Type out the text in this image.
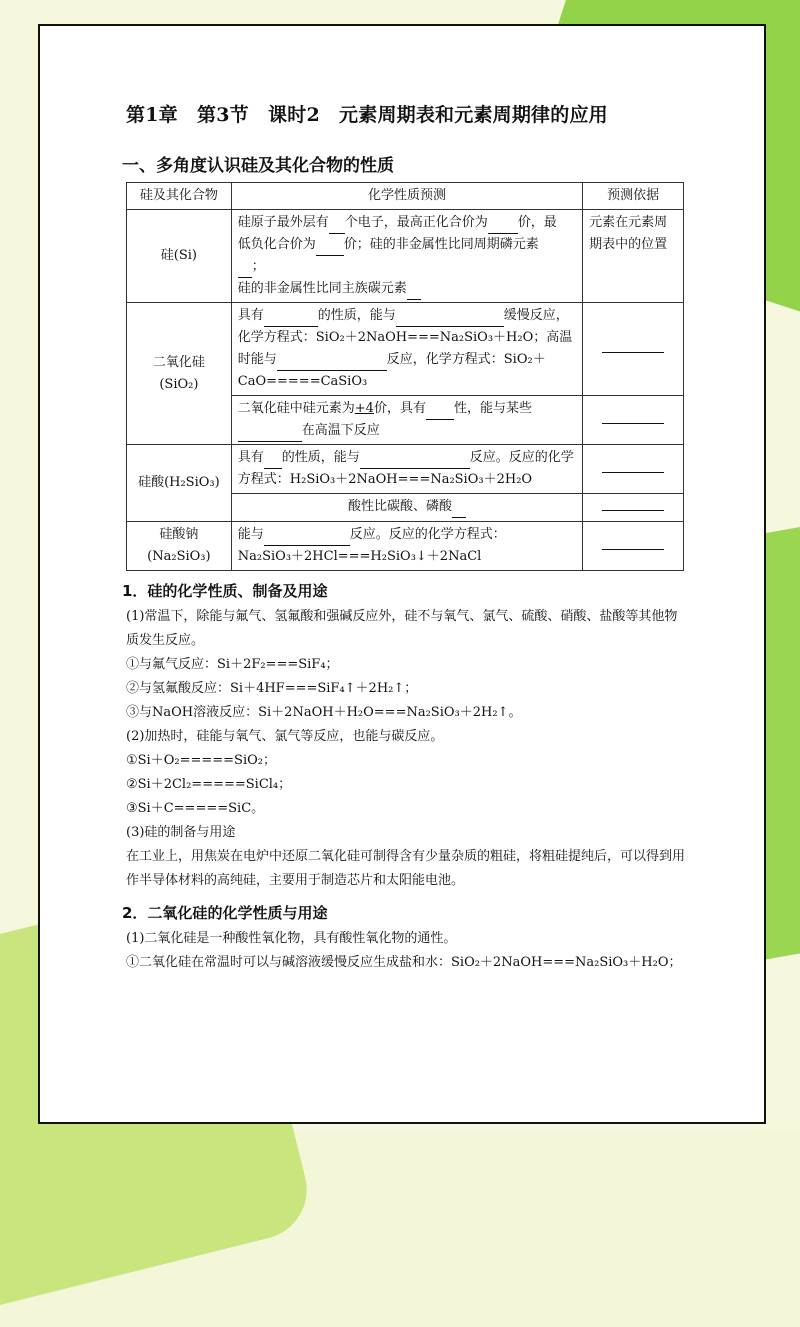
第1章　第3节　课时2　元素周期表和元素周期律的应用
一、多角度认识硅及其化合物的性质
硅及其化合物	化学性质预测	预测依据
硅(Si)	硅原子最外层有 个电子，最高正化合价为 价，最
低负化合价为 价；硅的非金属性比同周期磷元素
；
硅的非金属性比同主族碳元素	元素在元素周期表中的位置
二氧化硅
(SiO₂)	具有 的性质，能与 缓慢反应，化学方程式：SiO₂＋2NaOH===Na₂SiO₃＋H₂O；高温时能与 反应，化学方程式：SiO₂＋CaO=====CaSiO₃	
	二氧化硅中硅元素为+4价，具有 性，能与某些
在高温下反应	
硅酸(H₂SiO₃)	具有 的性质，能与 反应。反应的化学方程式：H₂SiO₃＋2NaOH===Na₂SiO₃＋2H₂O	
	酸性比碳酸、磷酸	
硅酸钠
(Na₂SiO₃)	能与 反应。反应的化学方程式：
Na₂SiO₃＋2HCl===H₂SiO₃↓＋2NaCl	
1．硅的化学性质、制备及用途

(1)常温下，除能与氟气、氢氟酸和强碱反应外，硅不与氧气、氯气、硫酸、硝酸、盐酸等其他物质发生反应。

①与氟气反应：Si＋2F₂===SiF₄；

②与氢氟酸反应：Si＋4HF===SiF₄↑＋2H₂↑；

③与NaOH溶液反应：Si＋2NaOH＋H₂O===Na₂SiO₃＋2H₂↑。

(2)加热时，硅能与氧气、氯气等反应，也能与碳反应。

①Si＋O₂=====SiO₂；

②Si＋2Cl₂=====SiCl₄；

③Si＋C=====SiC。

(3)硅的制备与用途

在工业上，用焦炭在电炉中还原二氧化硅可制得含有少量杂质的粗硅，将粗硅提纯后，可以得到用作半导体材料的高纯硅，主要用于制造芯片和太阳能电池。

2．二氧化硅的化学性质与用途

(1)二氧化硅是一种酸性氧化物，具有酸性氧化物的通性。

①二氧化硅在常温时可以与碱溶液缓慢反应生成盐和水：SiO₂＋2NaOH===Na₂SiO₃＋H₂O；
